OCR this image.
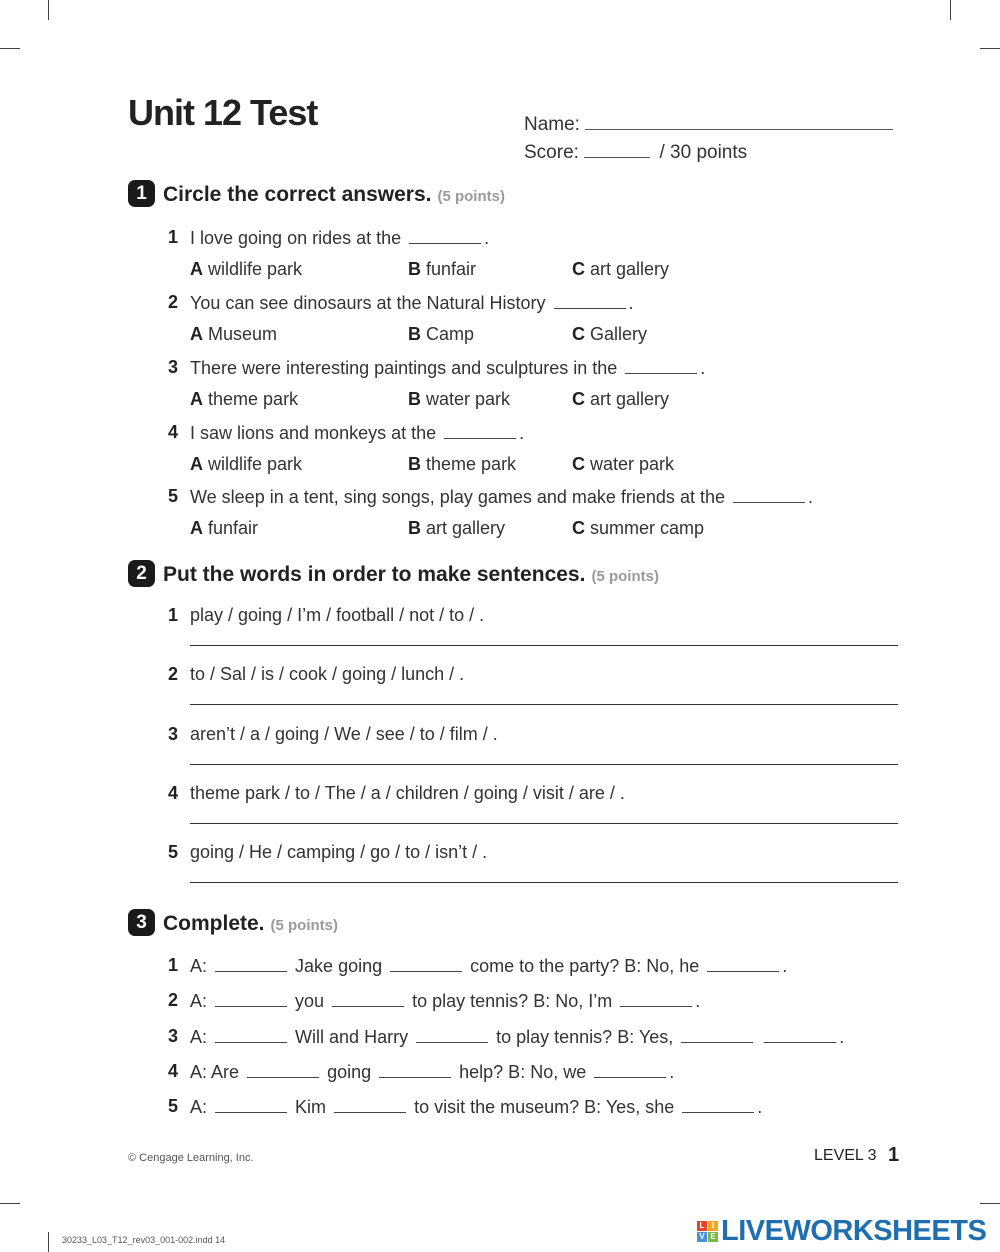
Unit 12 Test	Name:
Score:	/ 30 points
1 Circle the correct answers. (5 points)
1 I love going on rides at the	.
A wildlife park	B funfair	C art gallery
2 You can see dinosaurs at the Natural History	.
A Museum	B Camp	C Gallery
3 There were interesting paintings and sculptures in the	.
A theme park	B water park	C art gallery
4 I saw lions and monkeys at the	.
A wildlife park	B theme park	C water park
5 We sleep in a tent, sing songs, play games and make friends at the	.
A funfair	B art gallery	C summer camp
2 Put the words in order to make sentences. (5 points)
1 play / going / I’m / football / not / to / .
2 to / Sal / is / cook / going / lunch / .
3 aren’t / a / going / We / see / to / film / .
4 theme park / to / The / a / children / going / visit / are / .
5 going / He / camping / go / to / isn’t / .
3 Complete. (5 points)
1 A:	Jake going	come to the party? B: No, he	.
2 A:	you	to play tennis? B: No, I’m	.
3 A:	Will and Harry	to play tennis? B: Yes,	.
4 A: Are	going	help? B: No, we	.
5 A:	Kim	to visit the museum? B: Yes, she	.
© Cengage Learning, Inc.	LEVEL 3 1
30233_L03_T12_rev03_001-002.indd 14
L I
V E LIVEWORKSHEETS
